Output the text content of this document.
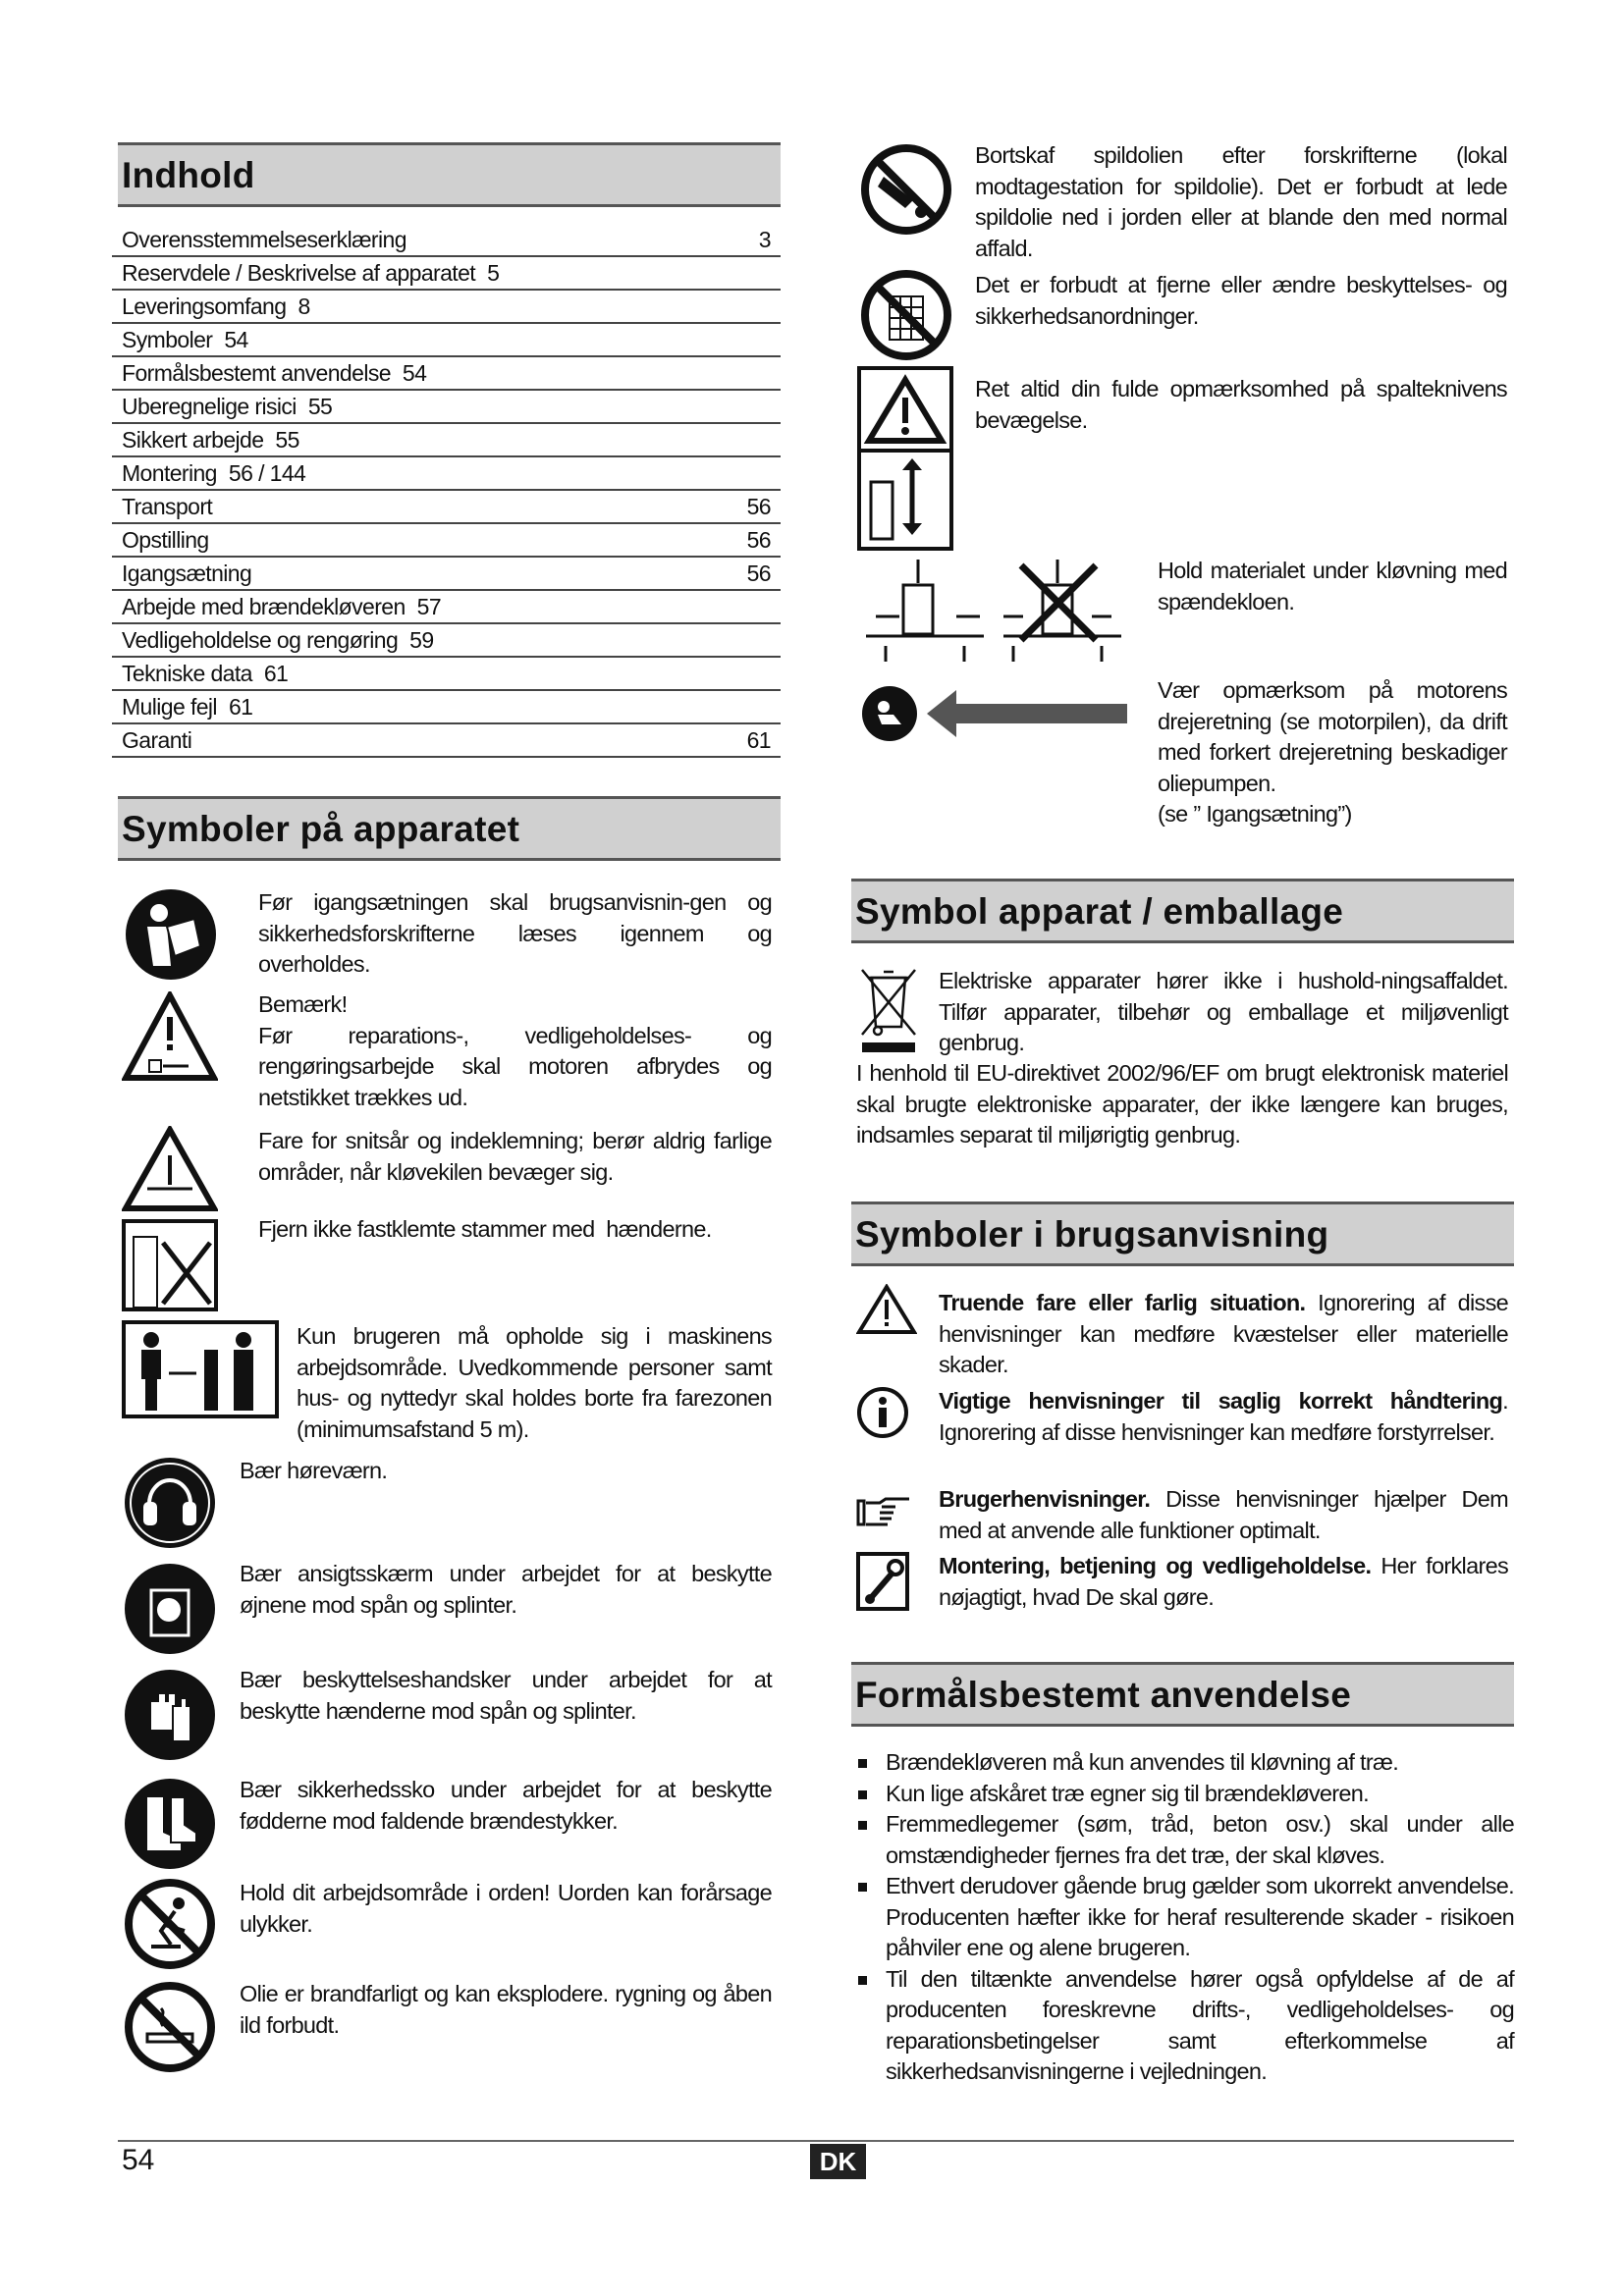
Indhold
Overensstemmelseserklæring	3
Reservdele / Beskrivelse af apparatet 5
Leveringsomfang 8
Symboler 54
Formålsbestemt anvendelse 54
Uberegnelige risici 55
Sikkert arbejde 55
Montering 56 / 144
Transport	56
Opstilling	56
Igangsætning	56
Arbejde med brændekløveren 57
Vedligeholdelse og rengøring 59
Tekniske data 61
Mulige fejl 61
Garanti	61
Symboler på apparatet

Før igangsætningen skal brugsanvisnin-gen og sikkerhedsforskrifterne læses igennem og overholdes.

Bemærk!

Før reparations-, vedligeholdelses- og rengøringsarbejde skal motoren afbrydes og netstikket trækkes ud.

Fare for snitsår og indeklemning; berør aldrig farlige områder, når kløvekilen bevæger sig.

Fjern ikke fastklemte stammer med  hænderne.

Kun brugeren må opholde sig i maskinens arbejdsområde. Uvedkommende personer samt hus- og nyttedyr skal holdes borte fra farezonen (minimumsafstand 5 m).

Bær høreværn.

Bær ansigtsskærm under arbejdet for at beskytte øjnene mod spån og splinter.

Bær beskyttelseshandsker under arbejdet for at beskytte hænderne mod spån og splinter.

Bær sikkerhedssko under arbejdet for at beskytte fødderne mod faldende brændestykker.

Hold dit arbejdsområde i orden! Uorden kan forårsage ulykker.

Olie er brandfarligt og kan eksplodere. rygning og åben ild forbudt.

Bortskaf spildolien efter forskrifterne (lokal modtagestation for spildolie). Det er forbudt at lede spildolie ned i jorden eller at blande den med normal affald.

Det er forbudt at fjerne eller ændre beskyttelses- og sikkerhedsanordninger.

Ret altid din fulde opmærksomhed på spalteknivens bevægelse.

Hold materialet under kløvning med spændekloen.

Vær opmærksom på motorens drejeretning (se motorpilen), da drift med forkert drejeretning beskadiger oliepumpen.

(se ” Igangsætning”)

Symbol apparat / emballage

Elektriske apparater hører ikke i hushold-ningsaffaldet. Tilfør apparater, tilbehør og emballage et miljøvenligt genbrug.

I henhold til EU-direktivet 2002/96/EF om brugt elektronisk materiel skal brugte elektroniske apparater, der ikke længere kan bruges, indsamles separat til miljørigtig genbrug.

Symboler i brugsanvisning

Truende fare eller farlig situation. Ignorering af disse henvisninger kan medføre kvæstelser eller materielle skader.

Vigtige henvisninger til saglig korrekt håndtering. Ignorering af disse henvisninger kan medføre forstyrrelser.

Brugerhenvisninger. Disse henvisninger hjælper Dem med at anvende alle funktioner optimalt.

Montering, betjening og vedligeholdelse. Her forklares nøjagtigt, hvad De skal gøre.

Formålsbestemt anvendelse
Brændekløveren må kun anvendes til kløvning af træ.
Kun lige afskåret træ egner sig til brændekløveren.
Fremmedlegemer (søm, tråd, beton osv.) skal under alle omstændigheder fjernes fra det træ, der skal kløves.
Ethvert derudover gående brug gælder som ukorrekt anvendelse. Producenten hæfter ikke for heraf resulterende skader - risikoen påhviler ene og alene brugeren.
Til den tiltænkte anvendelse hører også opfyldelse af de af producenten foreskrevne drifts-, vedligeholdelses- og reparationsbetingelser samt efterkommelse af sikkerhedsanvisningerne i vejledningen.
54	DK
